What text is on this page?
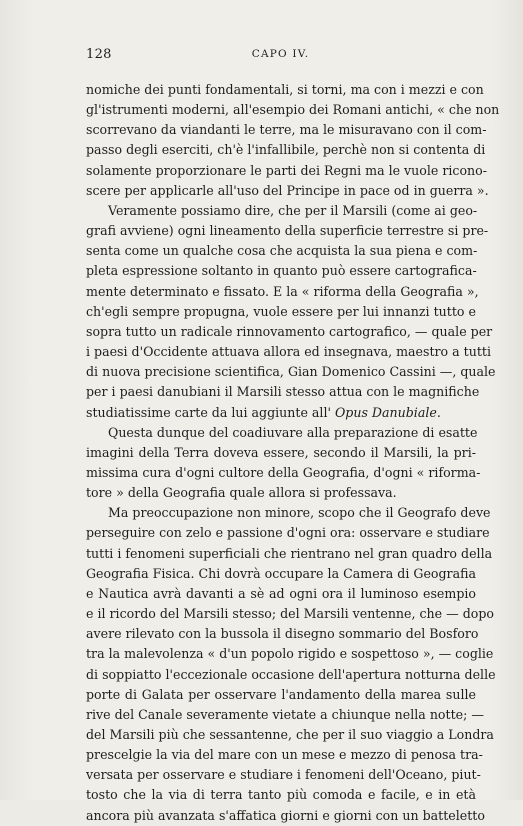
128	CAPO IV.
nomiche dei punti fondamentali, si torni, ma con i mezzi e con
gl'istrumenti moderni, all'esempio dei Romani antichi, « che non
scorrevano da viandanti le terre, ma le misuravano con il com-
passo degli eserciti, ch'è l'infallibile, perchè non si contenta di
solamente proporzionare le parti dei Regni ma le vuole ricono-
scere per applicarle all'uso del Principe in pace od in guerra ».
Veramente possiamo dire, che per il Marsili (come ai geo-
grafi avviene) ogni lineamento della superficie terrestre si pre-
senta come un qualche cosa che acquista la sua piena e com-
pleta espressione soltanto in quanto può essere cartograficа-
mente determinato e fissato. E la « riforma della Geografia »,
ch'egli sempre propugna, vuole essere per lui innanzi tutto e
sopra tutto un radicale rinnovamento cartografico, — quale per
i paesi d'Occidente attuava allora ed insegnava, maestro a tutti
di nuova precisione scientifica, Gian Domenico Cassini —, quale
per i paesi danubiani il Marsili stesso attua con le magnifiche
studiatissime carte da lui aggiunte all' Opus Danubiale.
Questa dunque del coadiuvare alla preparazione di esatte
imagini della Terra doveva essere, secondo il Marsili, la pri-
missima cura d'ogni cultore della Geografia, d'ogni « riforma-
tore » della Geografia quale allora si professava.
Ma preoccupazione non minore, scopo che il Geografo deve
perseguire con zelo e passione d'ogni ora: osservare e studiare
tutti i fenomeni superficiali che rientrano nel gran quadro della
Geografia Fisica. Chi dovrà occupare la Camera di Geografia
e Nautica avrà davanti a sè ad ogni ora il luminoso esempio
e il ricordo del Marsili stesso; del Marsili ventenne, che — dopo
avere rilevato con la bussola il disegno sommario del Bosforo
tra la malevolenza « d'un popolo rigido e sospettoso », — coglie
di soppiatto l'eccezionale occasione dell'apertura notturna delle
porte di Galata per osservare l'andamento della marea sulle
rive del Canale severamente vietate a chiunque nella notte; —
del Marsili più che sessantenne, che per il suo viaggio a Londra
prescelgie la via del mare con un mese e mezzo di penosa tra-
versata per osservare e studiare i fenomeni dell'Oceano, piut-
tosto che la via di terra tanto più comoda e facile, e in età
ancora più avanzata s'affatica giorni e giorni con un batteletto
